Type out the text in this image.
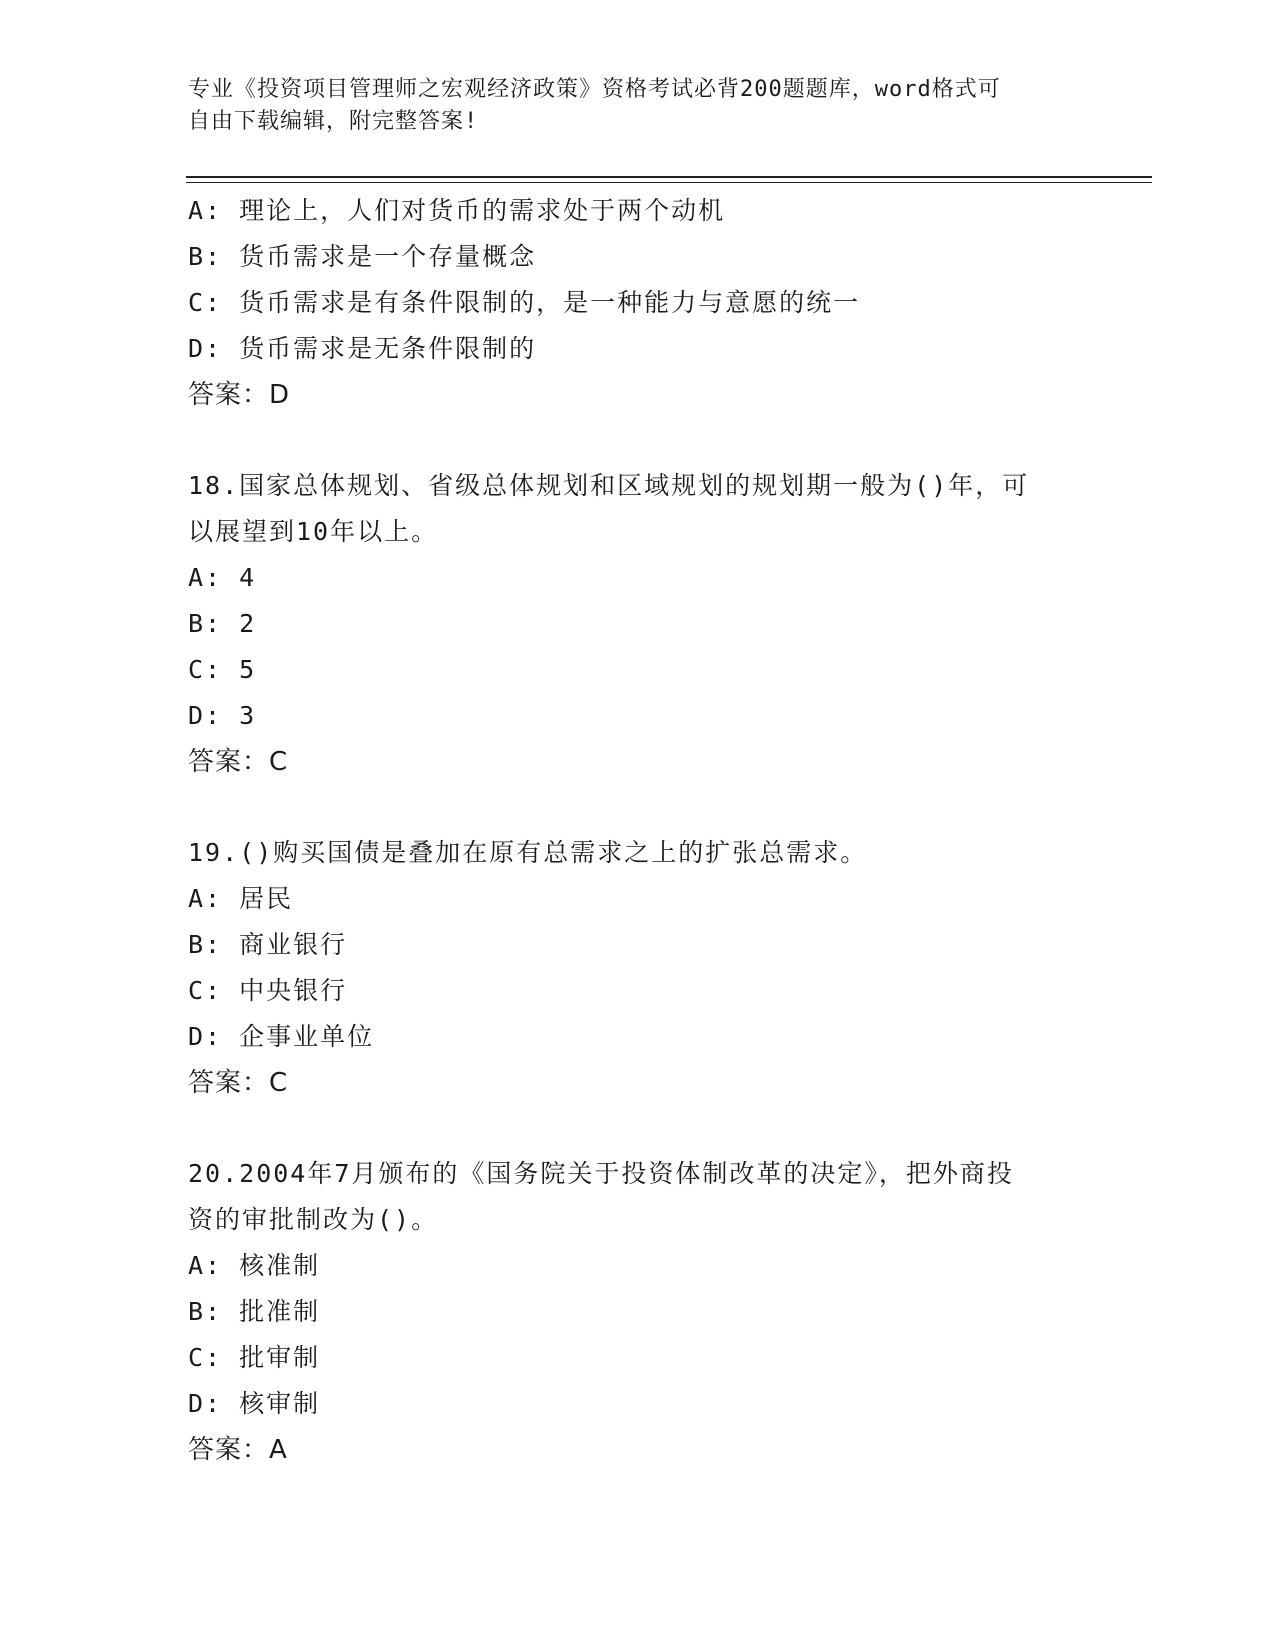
专业《投资项目管理师之宏观经济政策》资格考试必背200题题库，word格式可
自由下载编辑，附完整答案!
A: 理论上，人们对货币的需求处于两个动机
B: 货币需求是一个存量概念
C: 货币需求是有条件限制的，是一种能力与意愿的统一
D: 货币需求是无条件限制的
答案：D
18.国家总体规划、省级总体规划和区域规划的规划期一般为()年，可
以展望到10年以上。
A: 4
B: 2
C: 5
D: 3
答案：C
19.()购买国债是叠加在原有总需求之上的扩张总需求。
A: 居民
B: 商业银行
C: 中央银行
D: 企事业单位
答案：C
20.2004年7月颁布的《国务院关于投资体制改革的决定》，把外商投
资的审批制改为()。
A: 核准制
B: 批准制
C: 批审制
D: 核审制
答案：A
